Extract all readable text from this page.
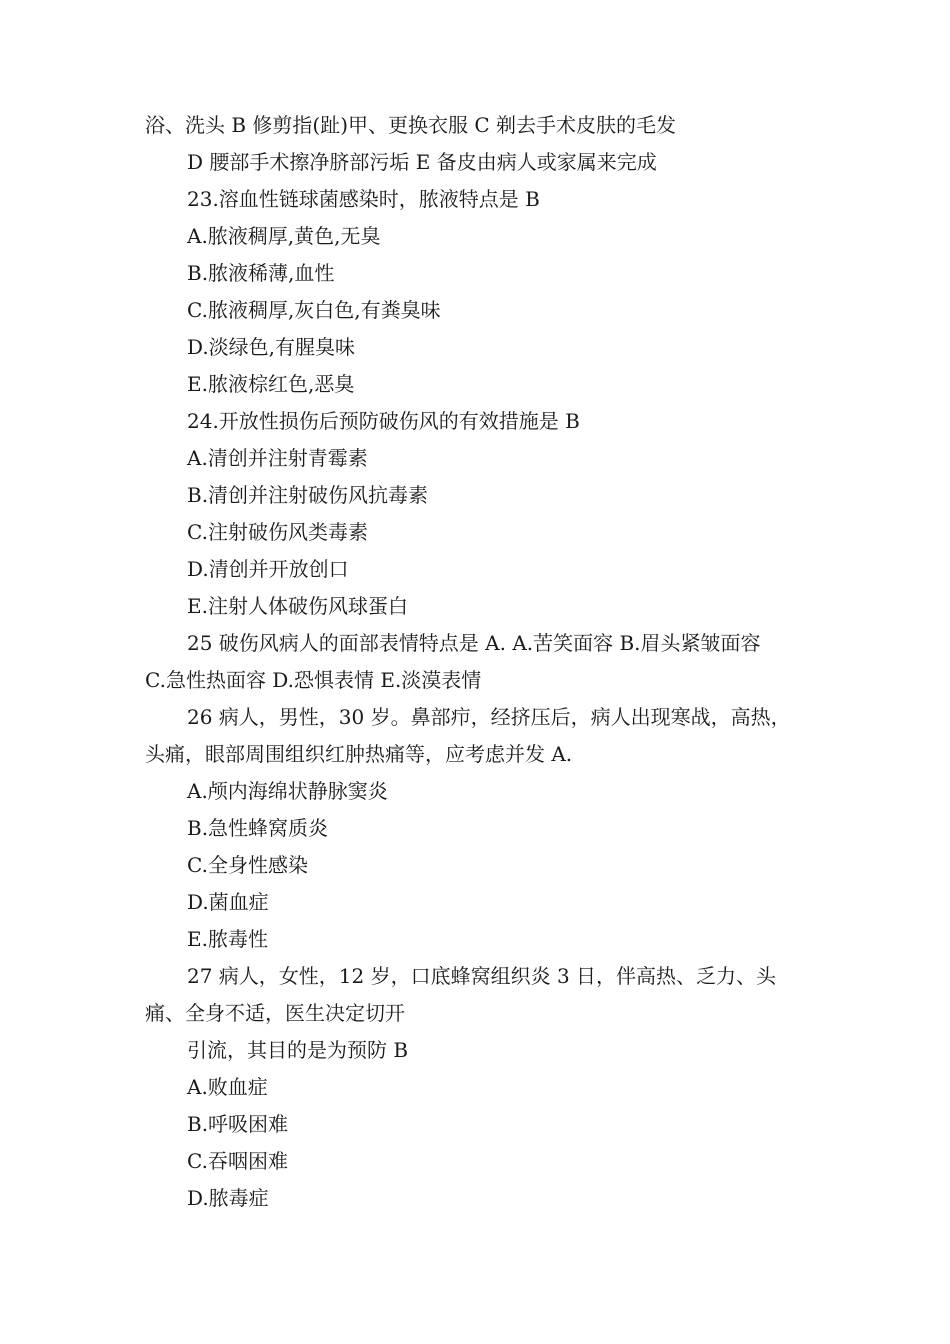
浴、洗头 B 修剪指(趾)甲、更换衣服 C 剃去手术皮肤的毛发
D 腰部手术擦净脐部污垢 E 备皮由病人或家属来完成
23.溶血性链球菌感染时，脓液特点是 B
A.脓液稠厚,黄色,无臭
B.脓液稀薄,血性
C.脓液稠厚,灰白色,有粪臭味
D.淡绿色,有腥臭味
E.脓液棕红色,恶臭
24.开放性损伤后预防破伤风的有效措施是 B
A.清创并注射青霉素
B.清创并注射破伤风抗毒素
C.注射破伤风类毒素
D.清创并开放创口
E.注射人体破伤风球蛋白
25 破伤风病人的面部表情特点是 A. A.苦笑面容 B.眉头紧皱面容
C.急性热面容 D.恐惧表情 E.淡漠表情
26 病人，男性，30 岁。鼻部疖，经挤压后，病人出现寒战，高热，
头痛，眼部周围组织红肿热痛等，应考虑并发 A.
A.颅内海绵状静脉窦炎
B.急性蜂窝质炎
C.全身性感染
D.菌血症
E.脓毒性
27 病人，女性，12 岁，口底蜂窝组织炎 3 日，伴高热、乏力、头
痛、全身不适，医生决定切开
引流，其目的是为预防 B
A.败血症
B.呼吸困难
C.吞咽困难
D.脓毒症
